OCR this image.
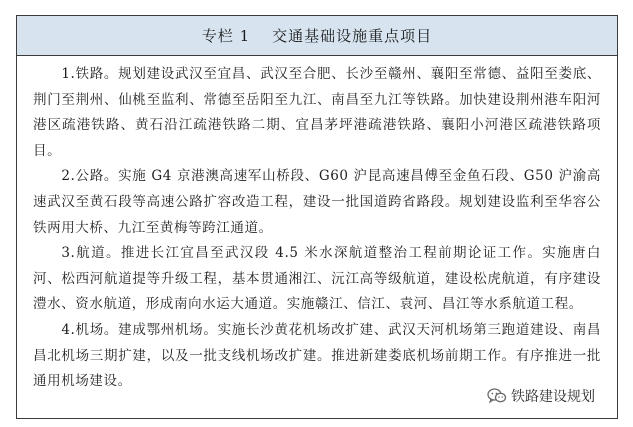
专栏 1 交通基础设施重点项目

1.铁路。规划建设武汉至宜昌、武汉至合肥、长沙至赣州、襄阳至常德、益阳至娄底、荆门至荆州、仙桃至监利、常德至岳阳至九江、南昌至九江等铁路。加快建设荆州港车阳河港区疏港铁路、黄石沿江疏港铁路二期、宜昌茅坪港疏港铁路、襄阳小河港区疏港铁路项目。

2.公路。实施 G4 京港澳高速军山桥段、G60 沪昆高速昌傅至金鱼石段、G50 沪渝高速武汉至黄石段等高速公路扩容改造工程，建设一批国道跨省路段。规划建设监利至华容公铁两用大桥、九江至黄梅等跨江通道。

3.航道。推进长江宜昌至武汉段 4.5 米水深航道整治工程前期论证工作。实施唐白河、松西河航道提等升级工程，基本贯通湘江、沅江高等级航道，建设松虎航道，有序建设澧水、资水航道，形成南向水运大通道。实施赣江、信江、袁河、昌江等水系航道工程。

4.机场。建成鄂州机场。实施长沙黄花机场改扩建、武汉天河机场第三跑道建设、南昌昌北机场三期扩建，以及一批支线机场改扩建。推进新建娄底机场前期工作。有序推进一批通用机场建设。

铁路建设规划
